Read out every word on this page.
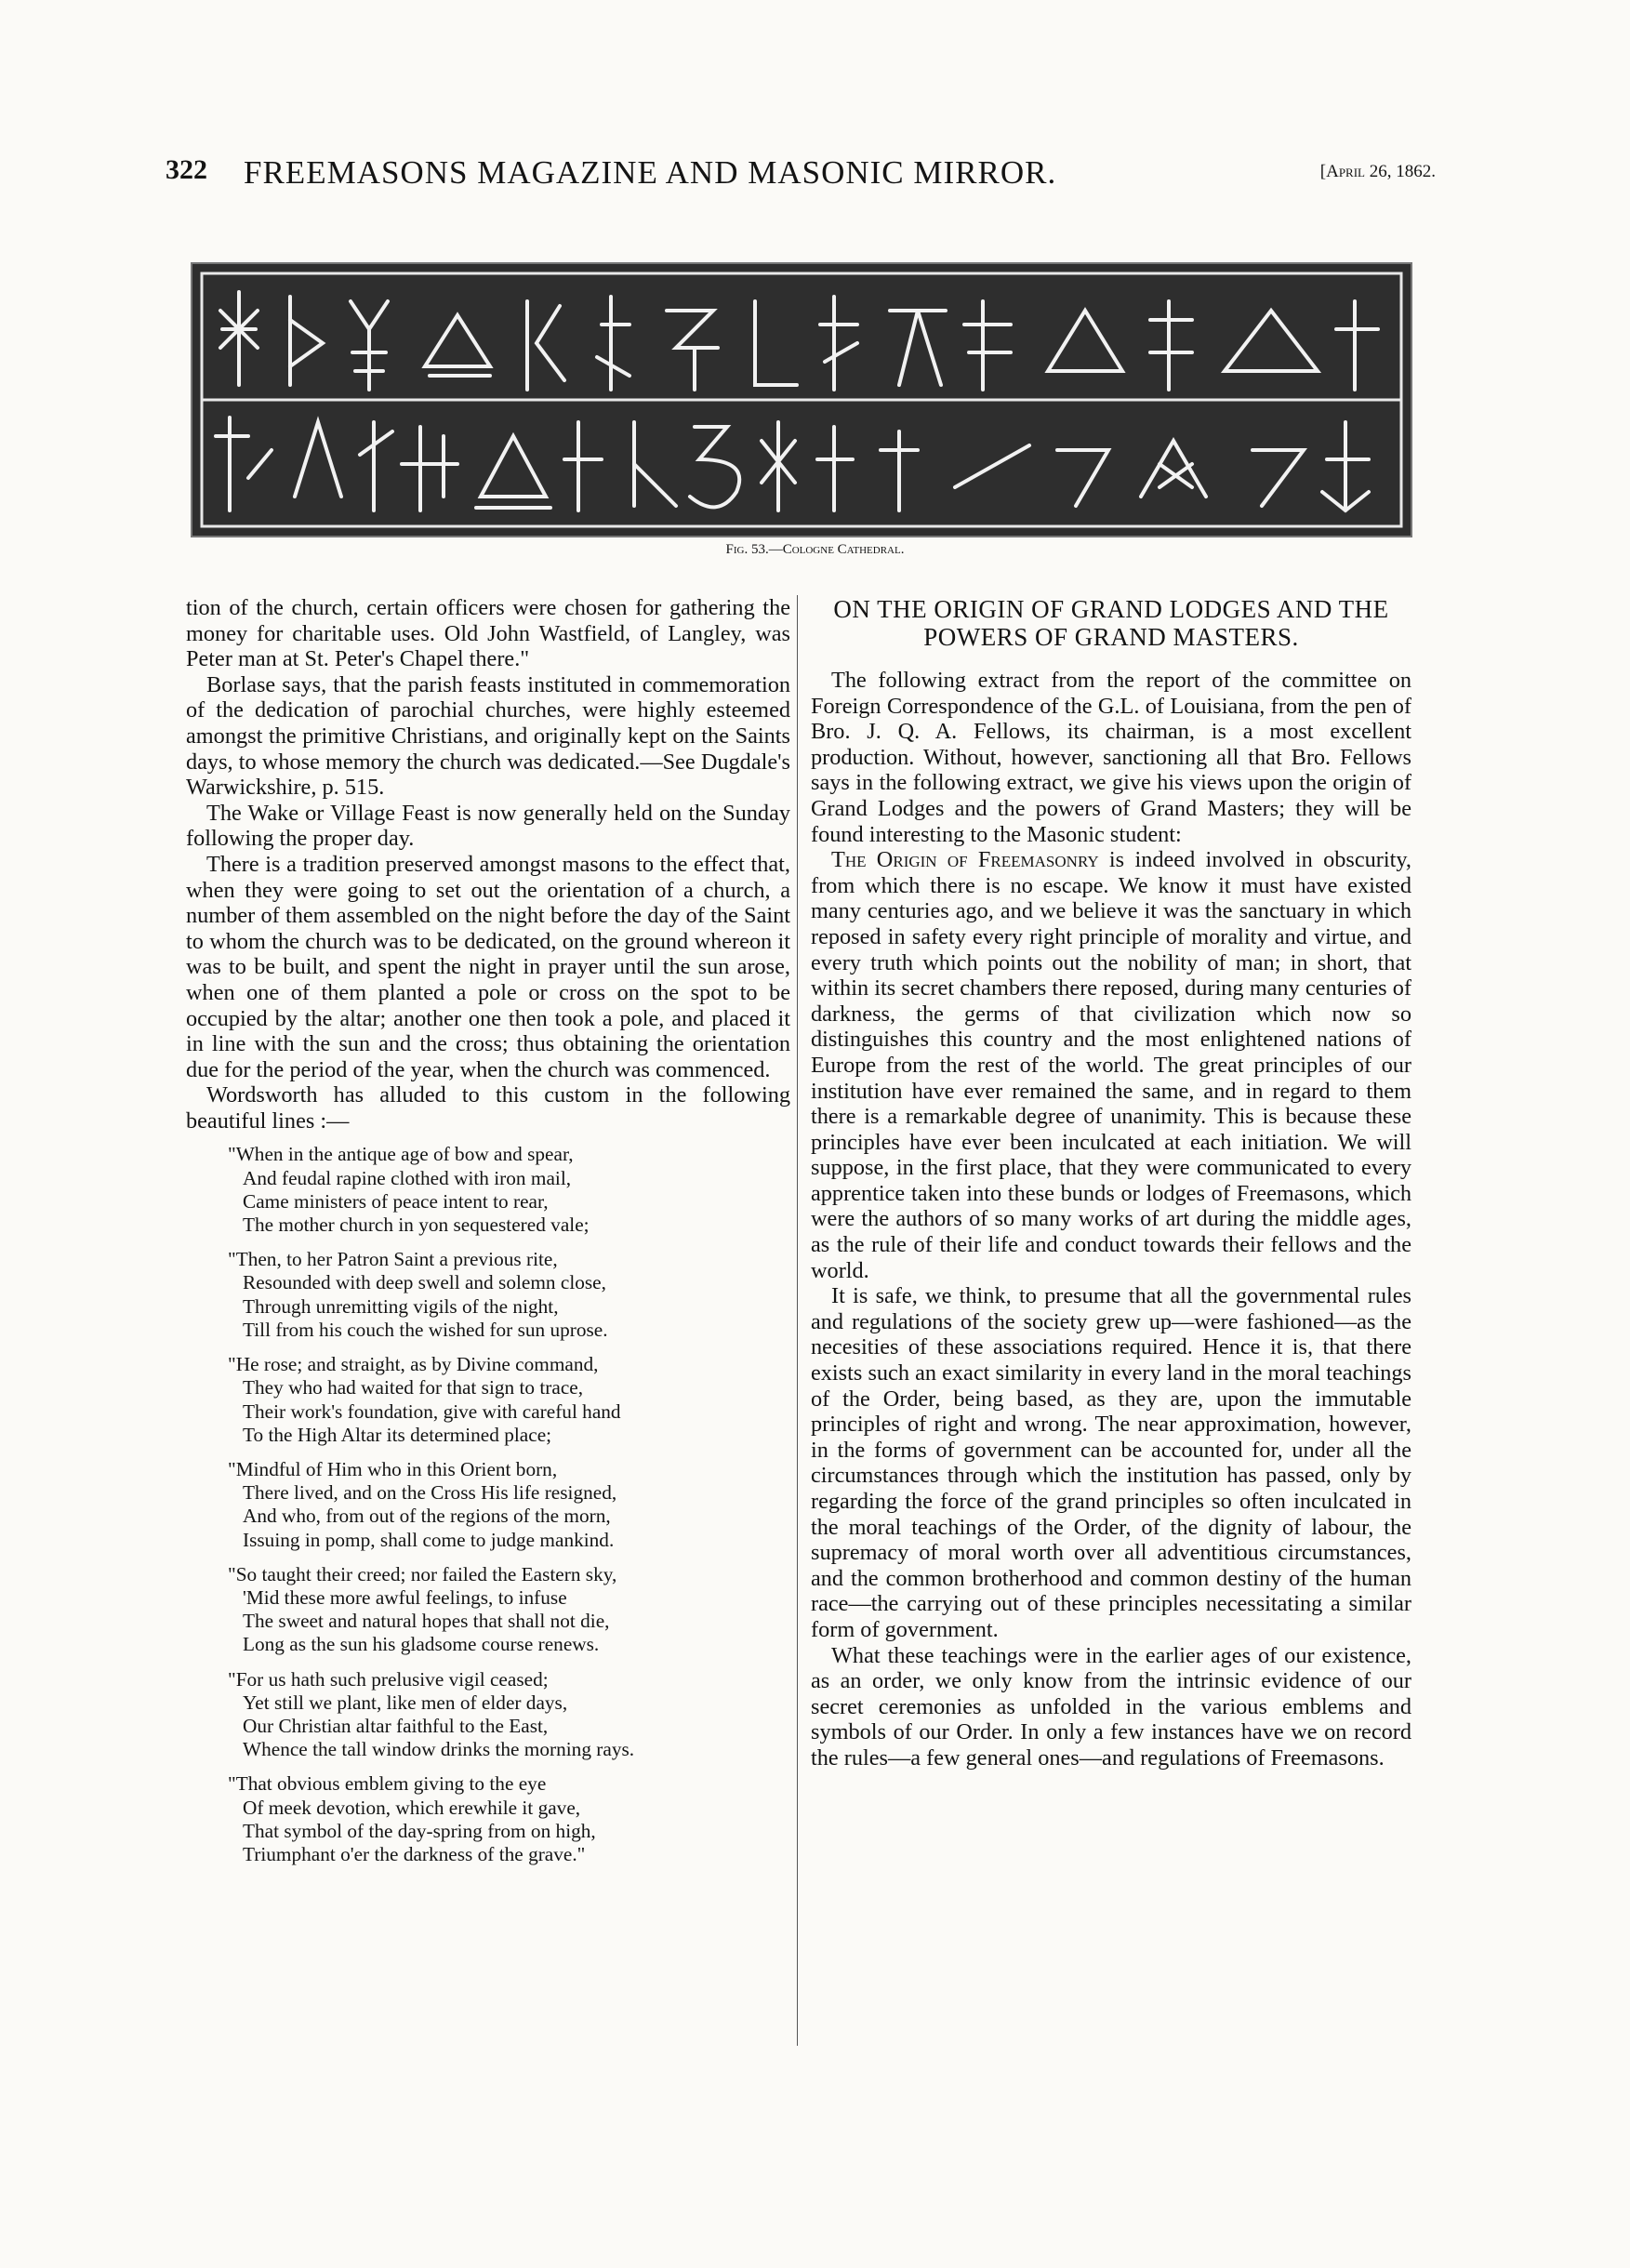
322 FREEMASONS MAGAZINE AND MASONIC MIRROR.	[April 26, 1862.
Fig. 53.—Cologne Cathedral.

tion of the church, certain officers were chosen for gathering the money for charitable uses. Old John Wastfield, of Langley, was Peter man at St. Peter's Chapel there."

Borlase says, that the parish feasts instituted in commemoration of the dedication of parochial churches, were highly esteemed amongst the primitive Christians, and originally kept on the Saints days, to whose memory the church was dedicated.—See Dugdale's Warwickshire, p. 515.

The Wake or Village Feast is now generally held on the Sunday following the proper day.

There is a tradition preserved amongst masons to the effect that, when they were going to set out the orientation of a church, a number of them assembled on the night before the day of the Saint to whom the church was to be dedicated, on the ground whereon it was to be built, and spent the night in prayer until the sun arose, when one of them planted a pole or cross on the spot to be occupied by the altar; another one then took a pole, and placed it in line with the sun and the cross; thus obtaining the orientation due for the period of the year, when the church was commenced.

Wordsworth has alluded to this custom in the following beautiful lines :—

"When in the antique age of bow and spear,
And feudal rapine clothed with iron mail,
Came ministers of peace intent to rear,
The mother church in yon sequestered vale;
"Then, to her Patron Saint a previous rite,
Resounded with deep swell and solemn close,
Through unremitting vigils of the night,
Till from his couch the wished for sun uprose.
"He rose; and straight, as by Divine command,
They who had waited for that sign to trace,
Their work's foundation, give with careful hand
To the High Altar its determined place;
"Mindful of Him who in this Orient born,
There lived, and on the Cross His life resigned,
And who, from out of the regions of the morn,
Issuing in pomp, shall come to judge mankind.
"So taught their creed; nor failed the Eastern sky,
'Mid these more awful feelings, to infuse
The sweet and natural hopes that shall not die,
Long as the sun his gladsome course renews.
"For us hath such prelusive vigil ceased;
Yet still we plant, like men of elder days,
Our Christian altar faithful to the East,
Whence the tall window drinks the morning rays.
"That obvious emblem giving to the eye
Of meek devotion, which erewhile it gave,
That symbol of the day-spring from on high,
Triumphant o'er the darkness of the grave."
ON THE ORIGIN OF GRAND LODGES AND THE POWERS OF GRAND MASTERS.

The following extract from the report of the committee on Foreign Correspondence of the G.L. of Louisiana, from the pen of Bro. J. Q. A. Fellows, its chairman, is a most excellent production. Without, however, sanctioning all that Bro. Fellows says in the following extract, we give his views upon the origin of Grand Lodges and the powers of Grand Masters; they will be found interesting to the Masonic student:

The Origin of Freemasonry is indeed involved in obscurity, from which there is no escape. We know it must have existed many centuries ago, and we believe it was the sanctuary in which reposed in safety every right principle of morality and virtue, and every truth which points out the nobility of man; in short, that within its secret chambers there reposed, during many centuries of darkness, the germs of that civilization which now so distinguishes this country and the most enlightened nations of Europe from the rest of the world. The great principles of our institution have ever remained the same, and in regard to them there is a remarkable degree of unanimity. This is because these principles have ever been inculcated at each initiation. We will suppose, in the first place, that they were communicated to every apprentice taken into these bunds or lodges of Freemasons, which were the authors of so many works of art during the middle ages, as the rule of their life and conduct towards their fellows and the world.

It is safe, we think, to presume that all the governmental rules and regulations of the society grew up—were fashioned—as the necesities of these associations required. Hence it is, that there exists such an exact similarity in every land in the moral teachings of the Order, being based, as they are, upon the immutable principles of right and wrong. The near approximation, however, in the forms of government can be accounted for, under all the circumstances through which the institution has passed, only by regarding the force of the grand principles so often inculcated in the moral teachings of the Order, of the dignity of labour, the supremacy of moral worth over all adventitious circumstances, and the common brotherhood and common destiny of the human race—the carrying out of these principles necessitating a similar form of government.

What these teachings were in the earlier ages of our existence, as an order, we only know from the intrinsic evidence of our secret ceremonies as unfolded in the various emblems and symbols of our Order. In only a few instances have we on record the rules—a few general ones—and regulations of Freemasons.
